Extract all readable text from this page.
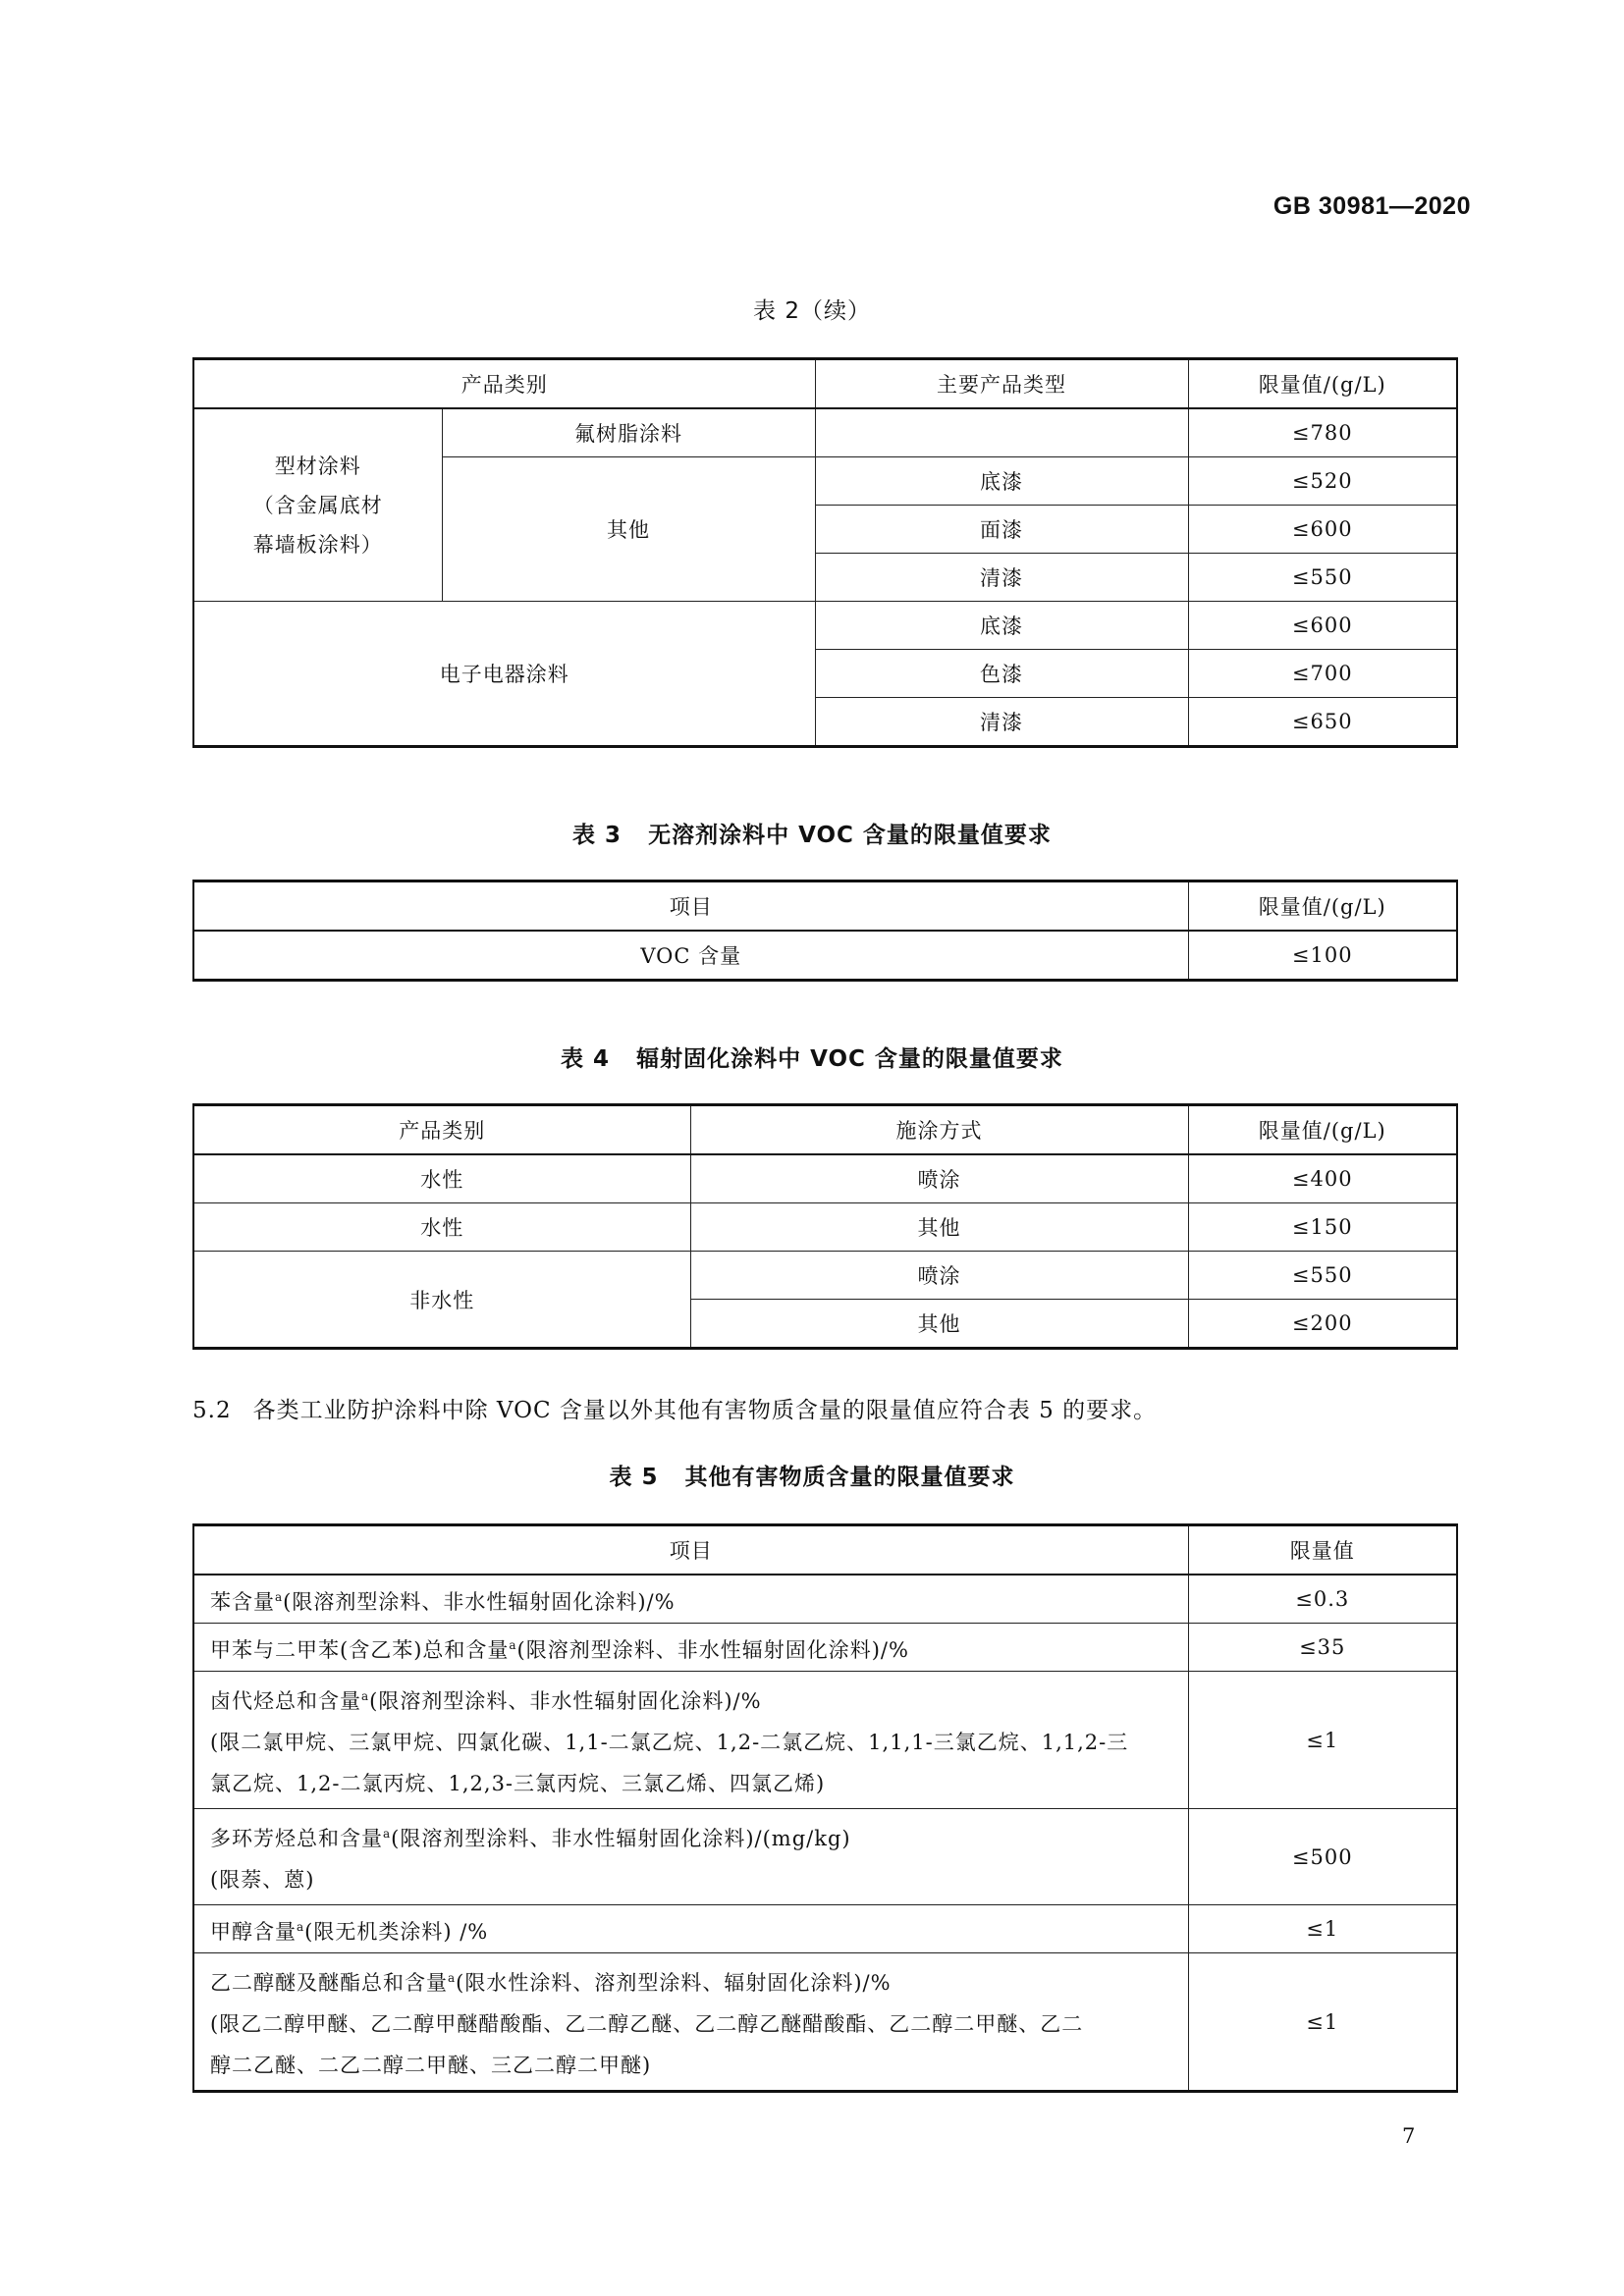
GB 30981—2020
表 2（续）
产品类别		主要产品类型	限量值/(g/L)

型材涂料
（含金属底材
幕墙板涂料）	氟树脂涂料		≤780
	其他	底漆	≤520
		面漆	≤600
		清漆	≤550
电子电器涂料		底漆	≤600
		色漆	≤700
		清漆	≤650
表 3 无溶剂涂料中 VOC 含量的限量值要求
项目	限量值/(g/L)
VOC 含量	≤100
表 4 辐射固化涂料中 VOC 含量的限量值要求
产品类别	施涂方式	限量值/(g/L)
水性	喷涂	≤400
水性	其他	≤150
非水性	喷涂	≤550
	其他	≤200
5.2 各类工业防护涂料中除 VOC 含量以外其他有害物质含量的限量值应符合表 5 的要求。
表 5 其他有害物质含量的限量值要求
项目	限量值
苯含量$^a$(限溶剂型涂料、非水性辐射固化涂料)/%	≤0.3
甲苯与二甲苯(含乙苯)总和含量$^a$(限溶剂型涂料、非水性辐射固化涂料)/%	≤35

卤代烃总和含量$^a$(限溶剂型涂料、非水性辐射固化涂料)/%
(限二氯甲烷、三氯甲烷、四氯化碳、1,1-二氯乙烷、1,2-二氯乙烷、1,1,1-三氯乙烷、1,1,2-三
氯乙烷、1,2-二氯丙烷、1,2,3-三氯丙烷、三氯乙烯、四氯乙烯)	≤1

多环芳烃总和含量$^a$(限溶剂型涂料、非水性辐射固化涂料)/(mg/kg)
(限萘、蒽)	≤500
甲醇含量$^a$(限无机类涂料) /%	≤1

乙二醇醚及醚酯总和含量$^a$(限水性涂料、溶剂型涂料、辐射固化涂料)/%
(限乙二醇甲醚、乙二醇甲醚醋酸酯、乙二醇乙醚、乙二醇乙醚醋酸酯、乙二醇二甲醚、乙二
醇二乙醚、二乙二醇二甲醚、三乙二醇二甲醚)	≤1
7
